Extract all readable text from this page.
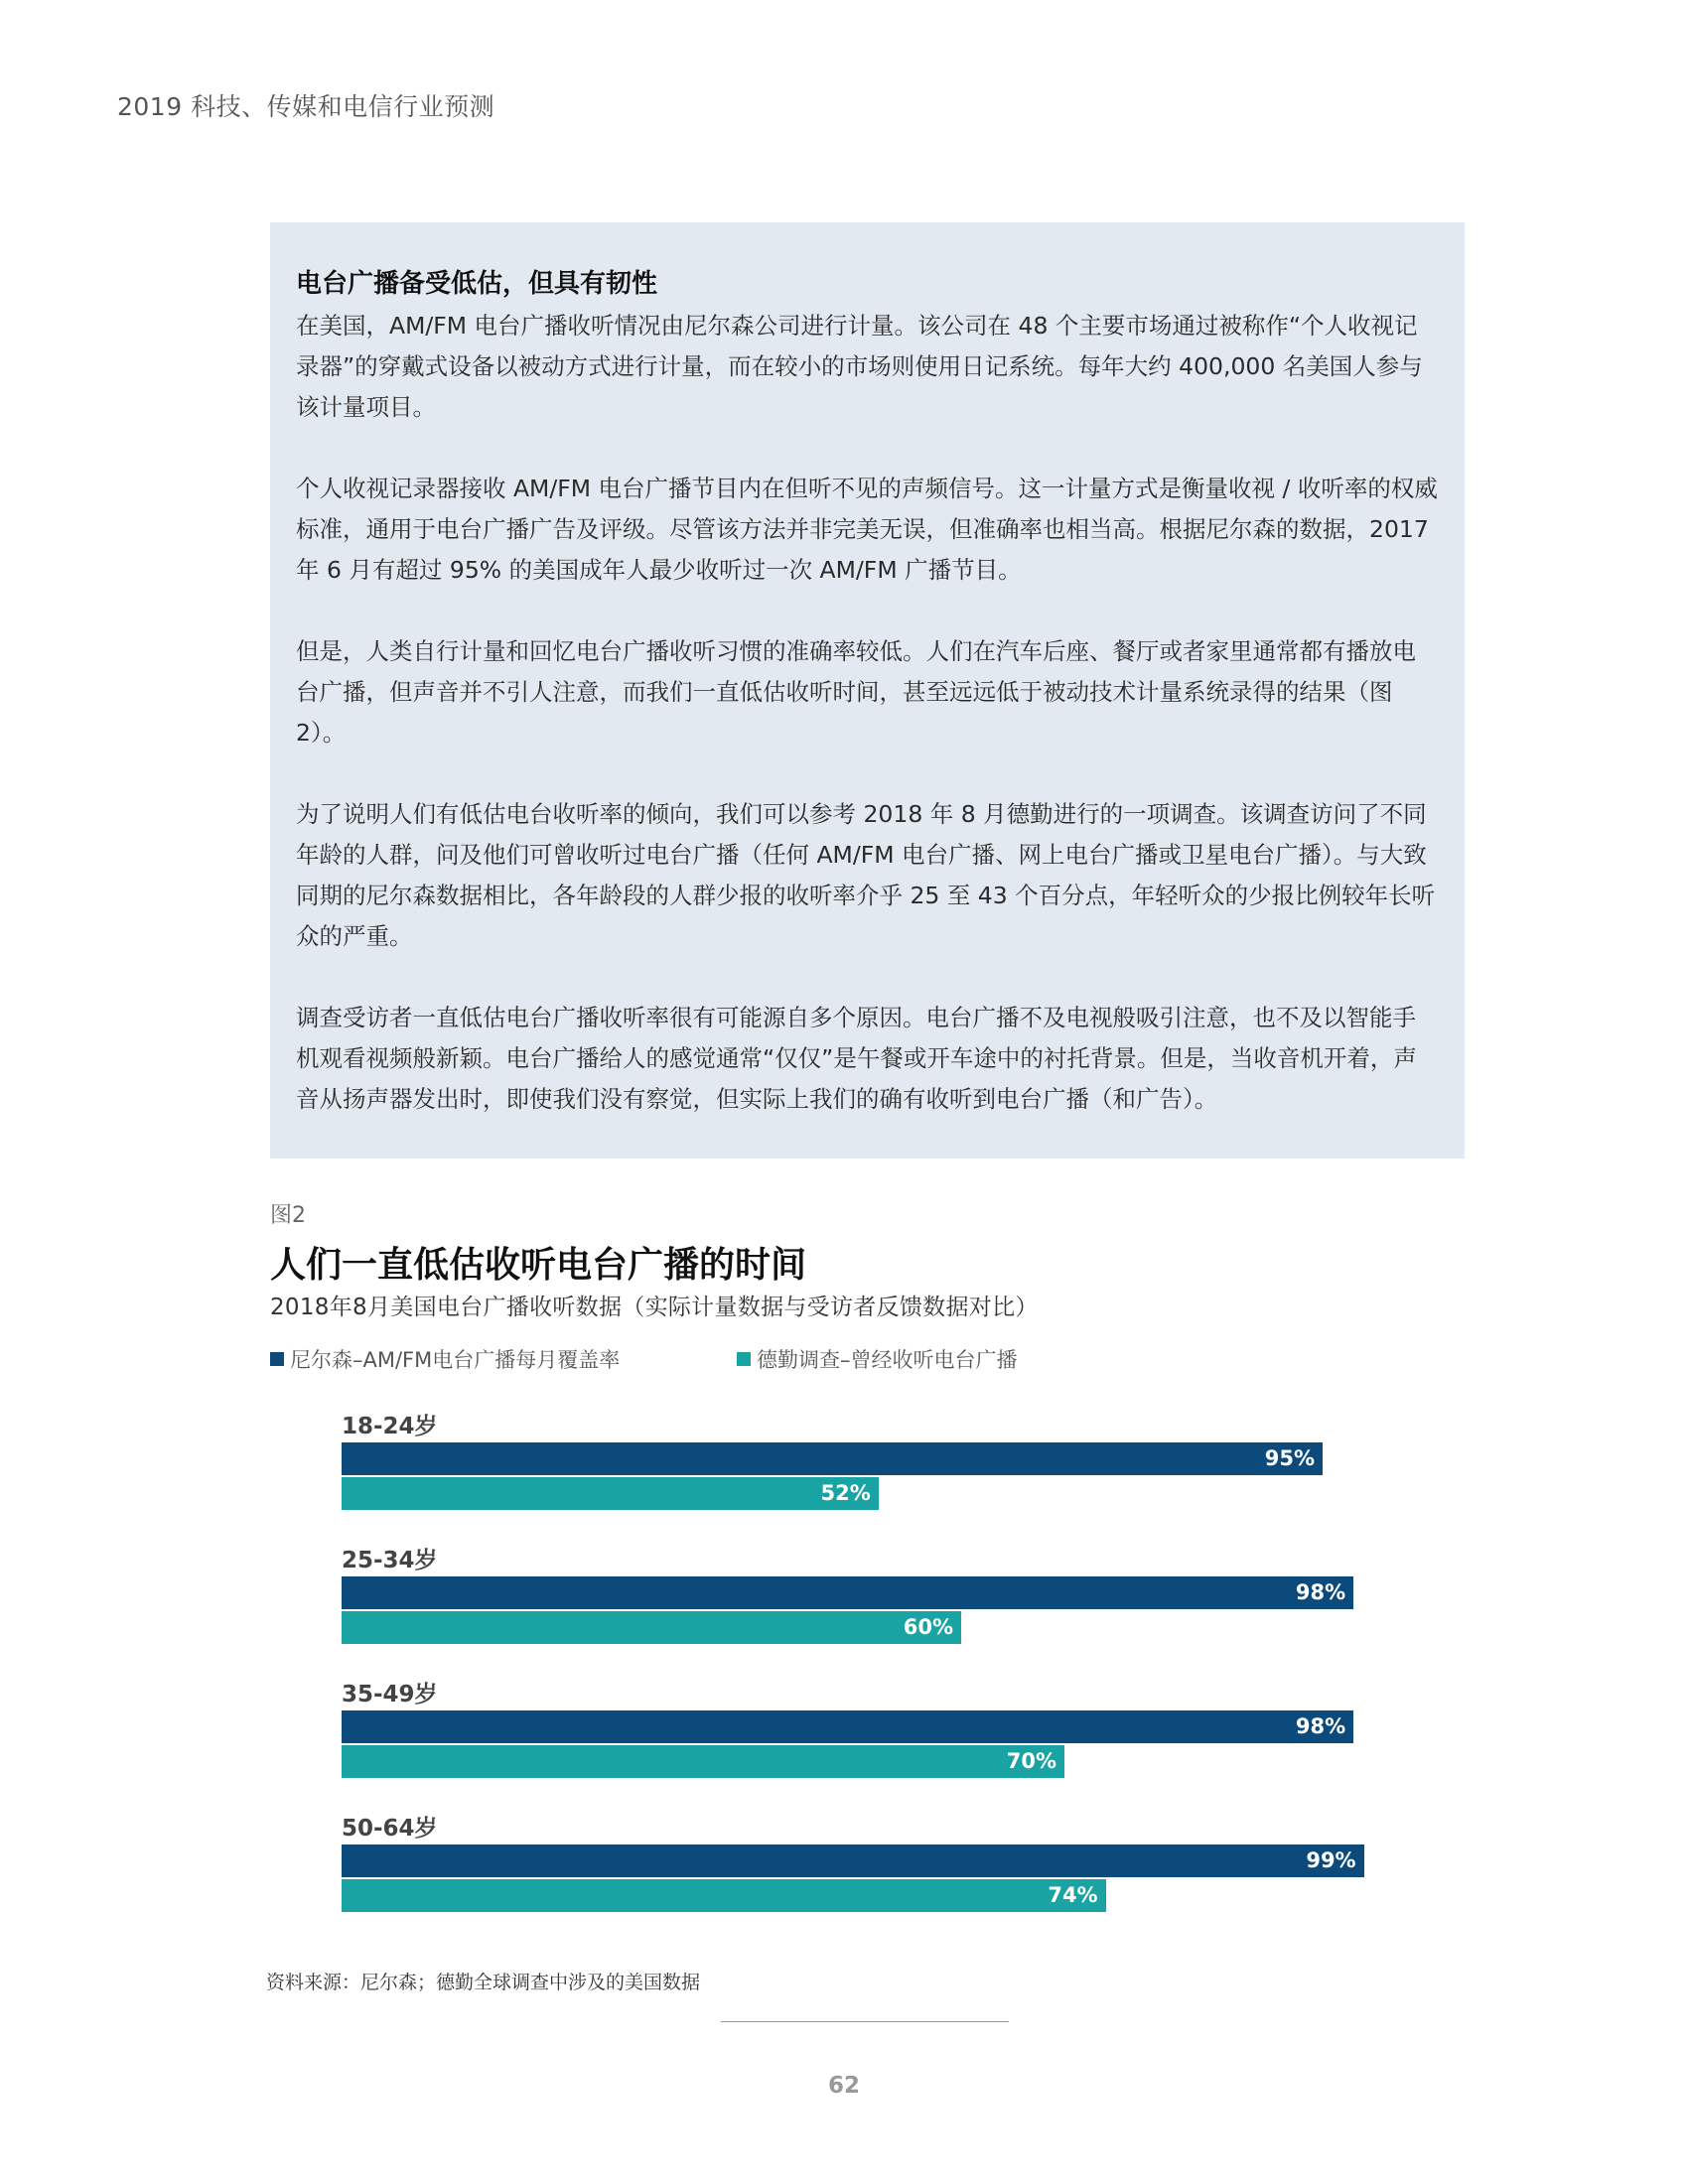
2019 科技、传媒和电信行业预测
电台广播备受低估，但具有韧性

在美国，AM/FM 电台广播收听情况由尼尔森公司进行计量。该公司在 48 个主要市场通过被称作“个人收视记录器”的穿戴式设备以被动方式进行计量，而在较小的市场则使用日记系统。每年大约 400,000 名美国人参与该计量项目。

个人收视记录器接收 AM/FM 电台广播节目内在但听不见的声频信号。这一计量方式是衡量收视 / 收听率的权威标准，通用于电台广播广告及评级。尽管该方法并非完美无误，但准确率也相当高。根据尼尔森的数据，2017 年 6 月有超过 95% 的美国成年人最少收听过一次 AM/FM 广播节目。

但是，人类自行计量和回忆电台广播收听习惯的准确率较低。人们在汽车后座、餐厅或者家里通常都有播放电台广播，但声音并不引人注意，而我们一直低估收听时间，甚至远远低于被动技术计量系统录得的结果（图 2）。

为了说明人们有低估电台收听率的倾向，我们可以参考 2018 年 8 月德勤进行的一项调查。该调查访问了不同年龄的人群，问及他们可曾收听过电台广播（任何 AM/FM 电台广播、网上电台广播或卫星电台广播）。与大致同期的尼尔森数据相比，各年龄段的人群少报的收听率介乎 25 至 43 个百分点，年轻听众的少报比例较年长听众的严重。

调查受访者一直低估电台广播收听率很有可能源自多个原因。电台广播不及电视般吸引注意，也不及以智能手机观看视频般新颖。电台广播给人的感觉通常“仅仅”是午餐或开车途中的衬托背景。但是，当收音机开着，声音从扬声器发出时，即使我们没有察觉，但实际上我们的确有收听到电台广播（和广告）。

图2
人们一直低估收听电台广播的时间
2018年8月美国电台广播收听数据（实际计量数据与受访者反馈数据对比）
尼尔森–AM/FM电台广播每月覆盖率	德勤调查–曾经收听电台广播
18-24岁
95%
52%
25-34岁
98%
60%
35-49岁
98%
70%
50-64岁
99%
74%
资料来源：尼尔森；德勤全球调查中涉及的美国数据
62
